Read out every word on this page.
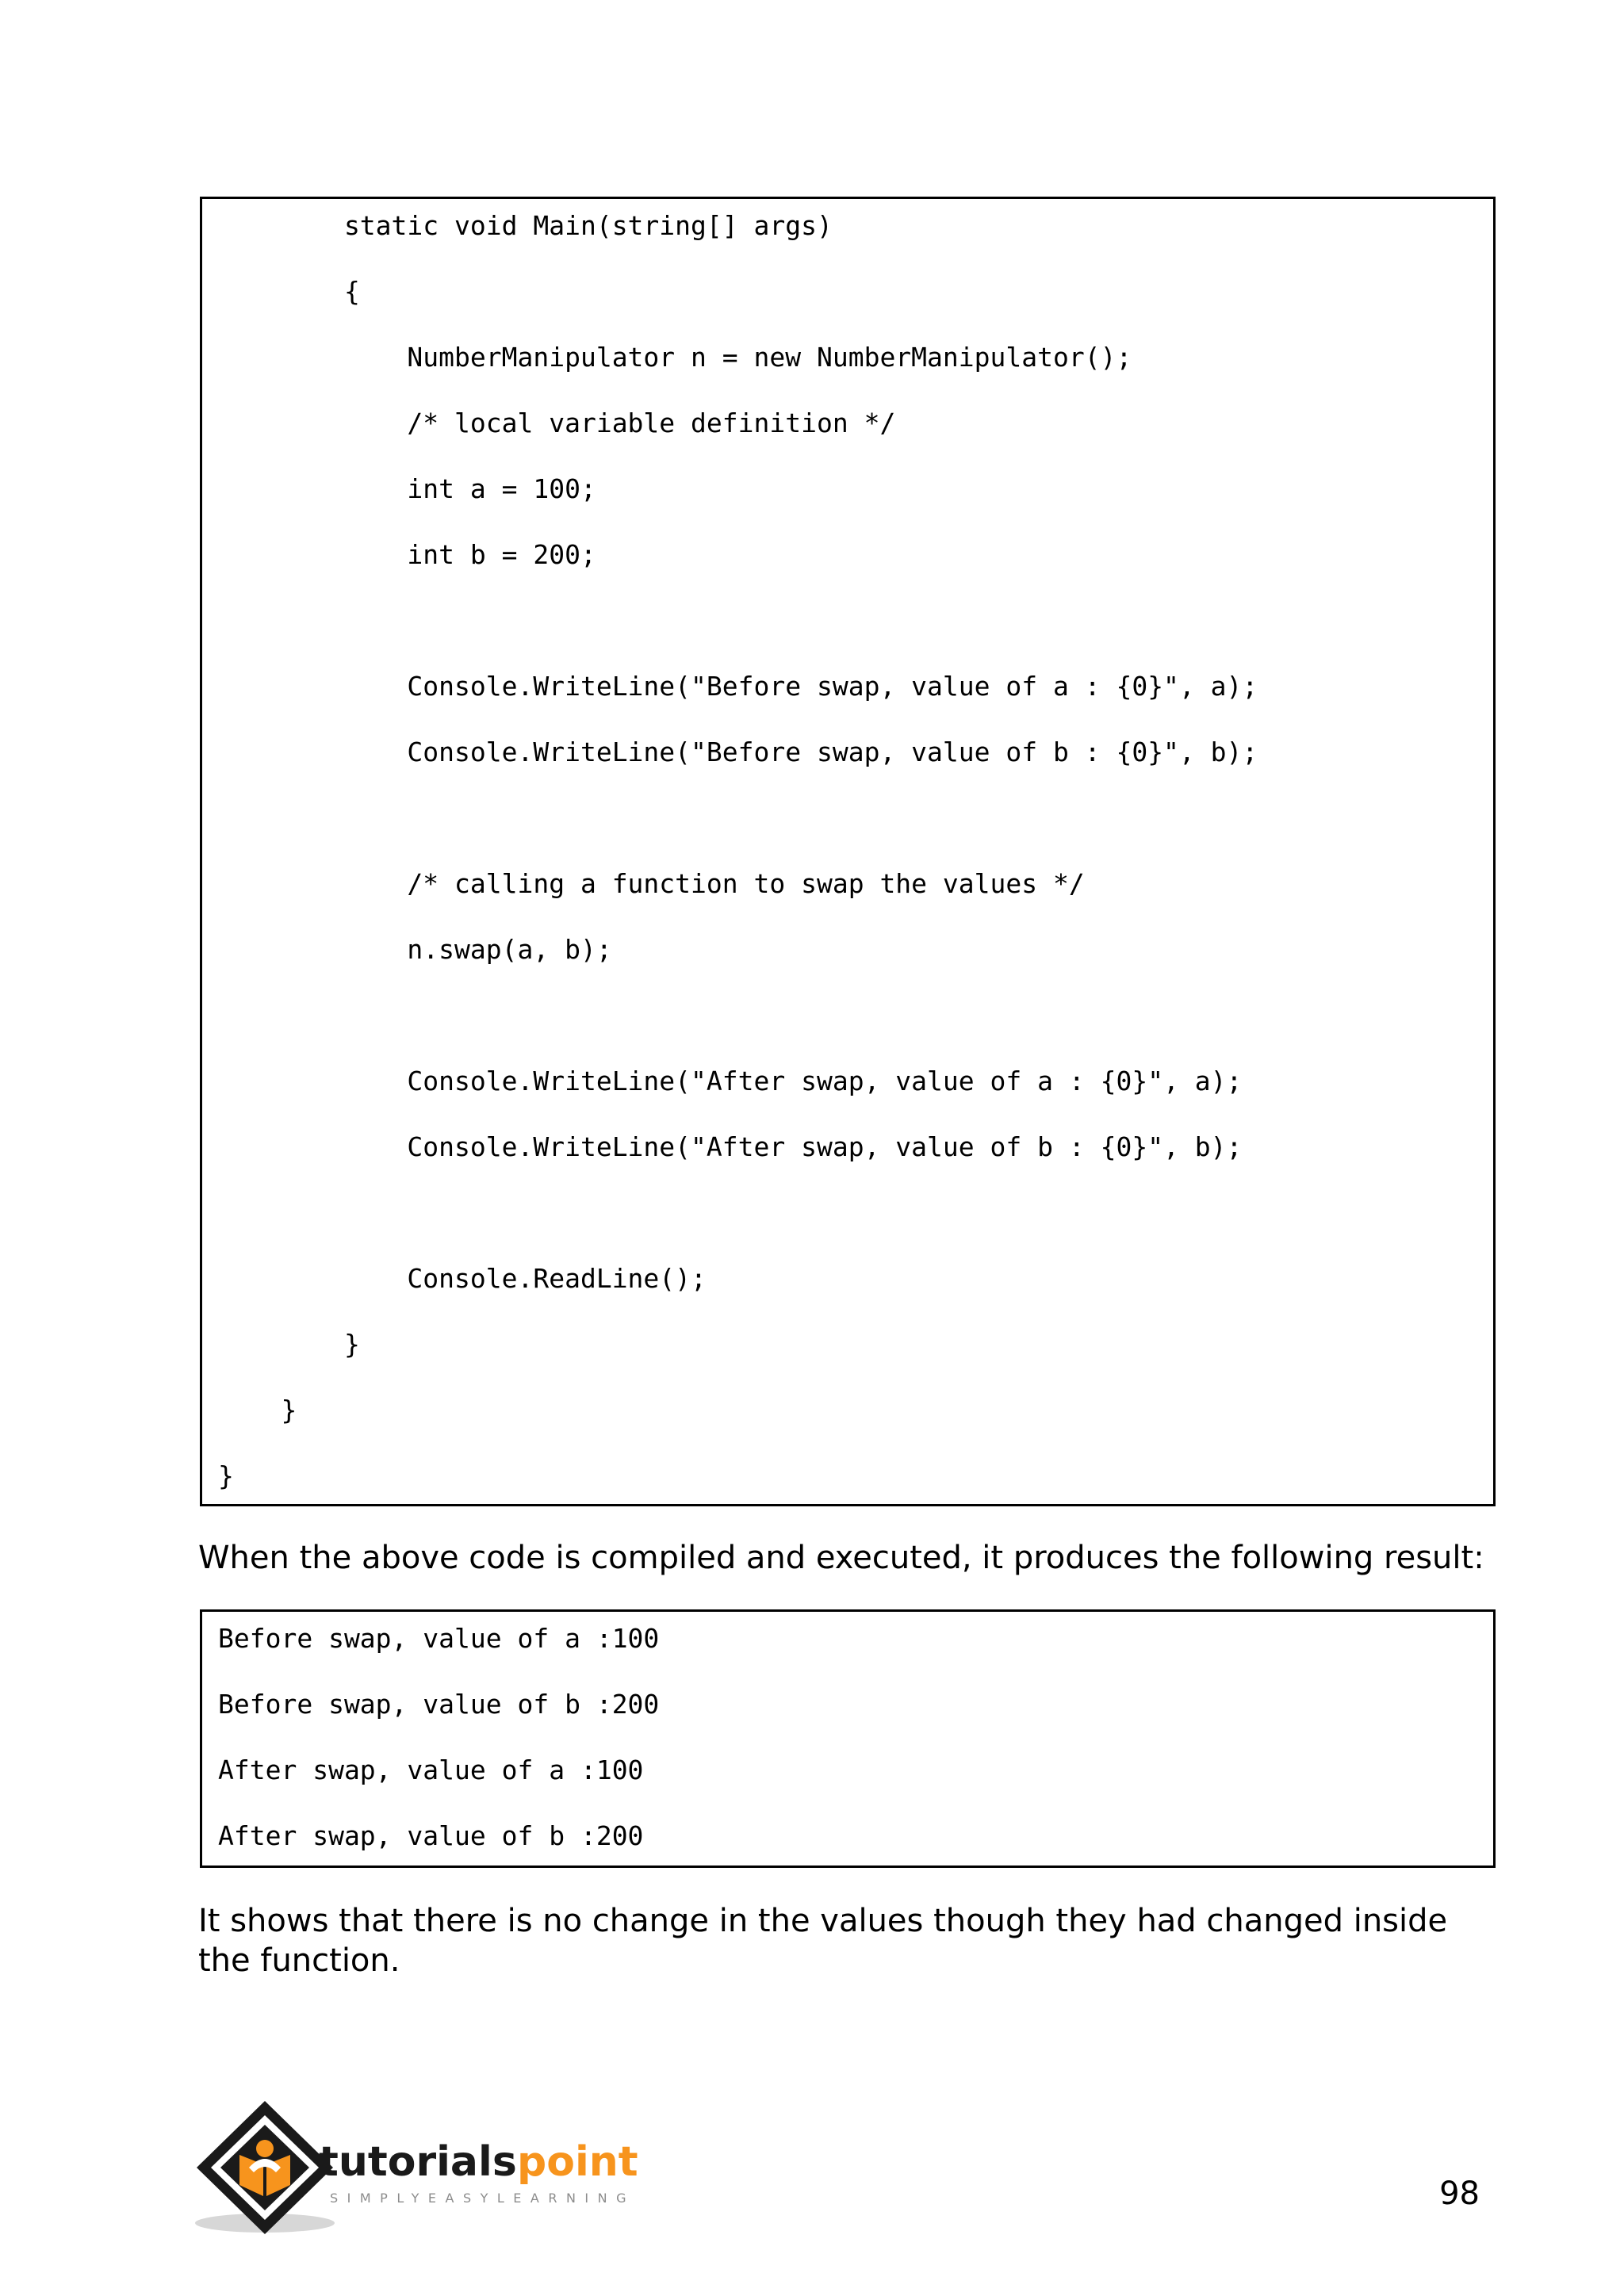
static void Main(string[] args)
{
NumberManipulator n = new NumberManipulator();
/* local variable definition */
int a = 100;
int b = 200;
Console.WriteLine("Before swap, value of a : {0}", a);
Console.WriteLine("Before swap, value of b : {0}", b);
/* calling a function to swap the values */
n.swap(a, b);
Console.WriteLine("After swap, value of a : {0}", a);
Console.WriteLine("After swap, value of b : {0}", b);
Console.ReadLine();
}
}
}

When the above code is compiled and executed, it produces the following result:

Before swap, value of a :100
Before swap, value of b :200
After swap, value of a :100
After swap, value of b :200

It shows that there is no change in the values though they had changed inside the function.

tutorials point
SIMPLYEASYLEARNING	98
